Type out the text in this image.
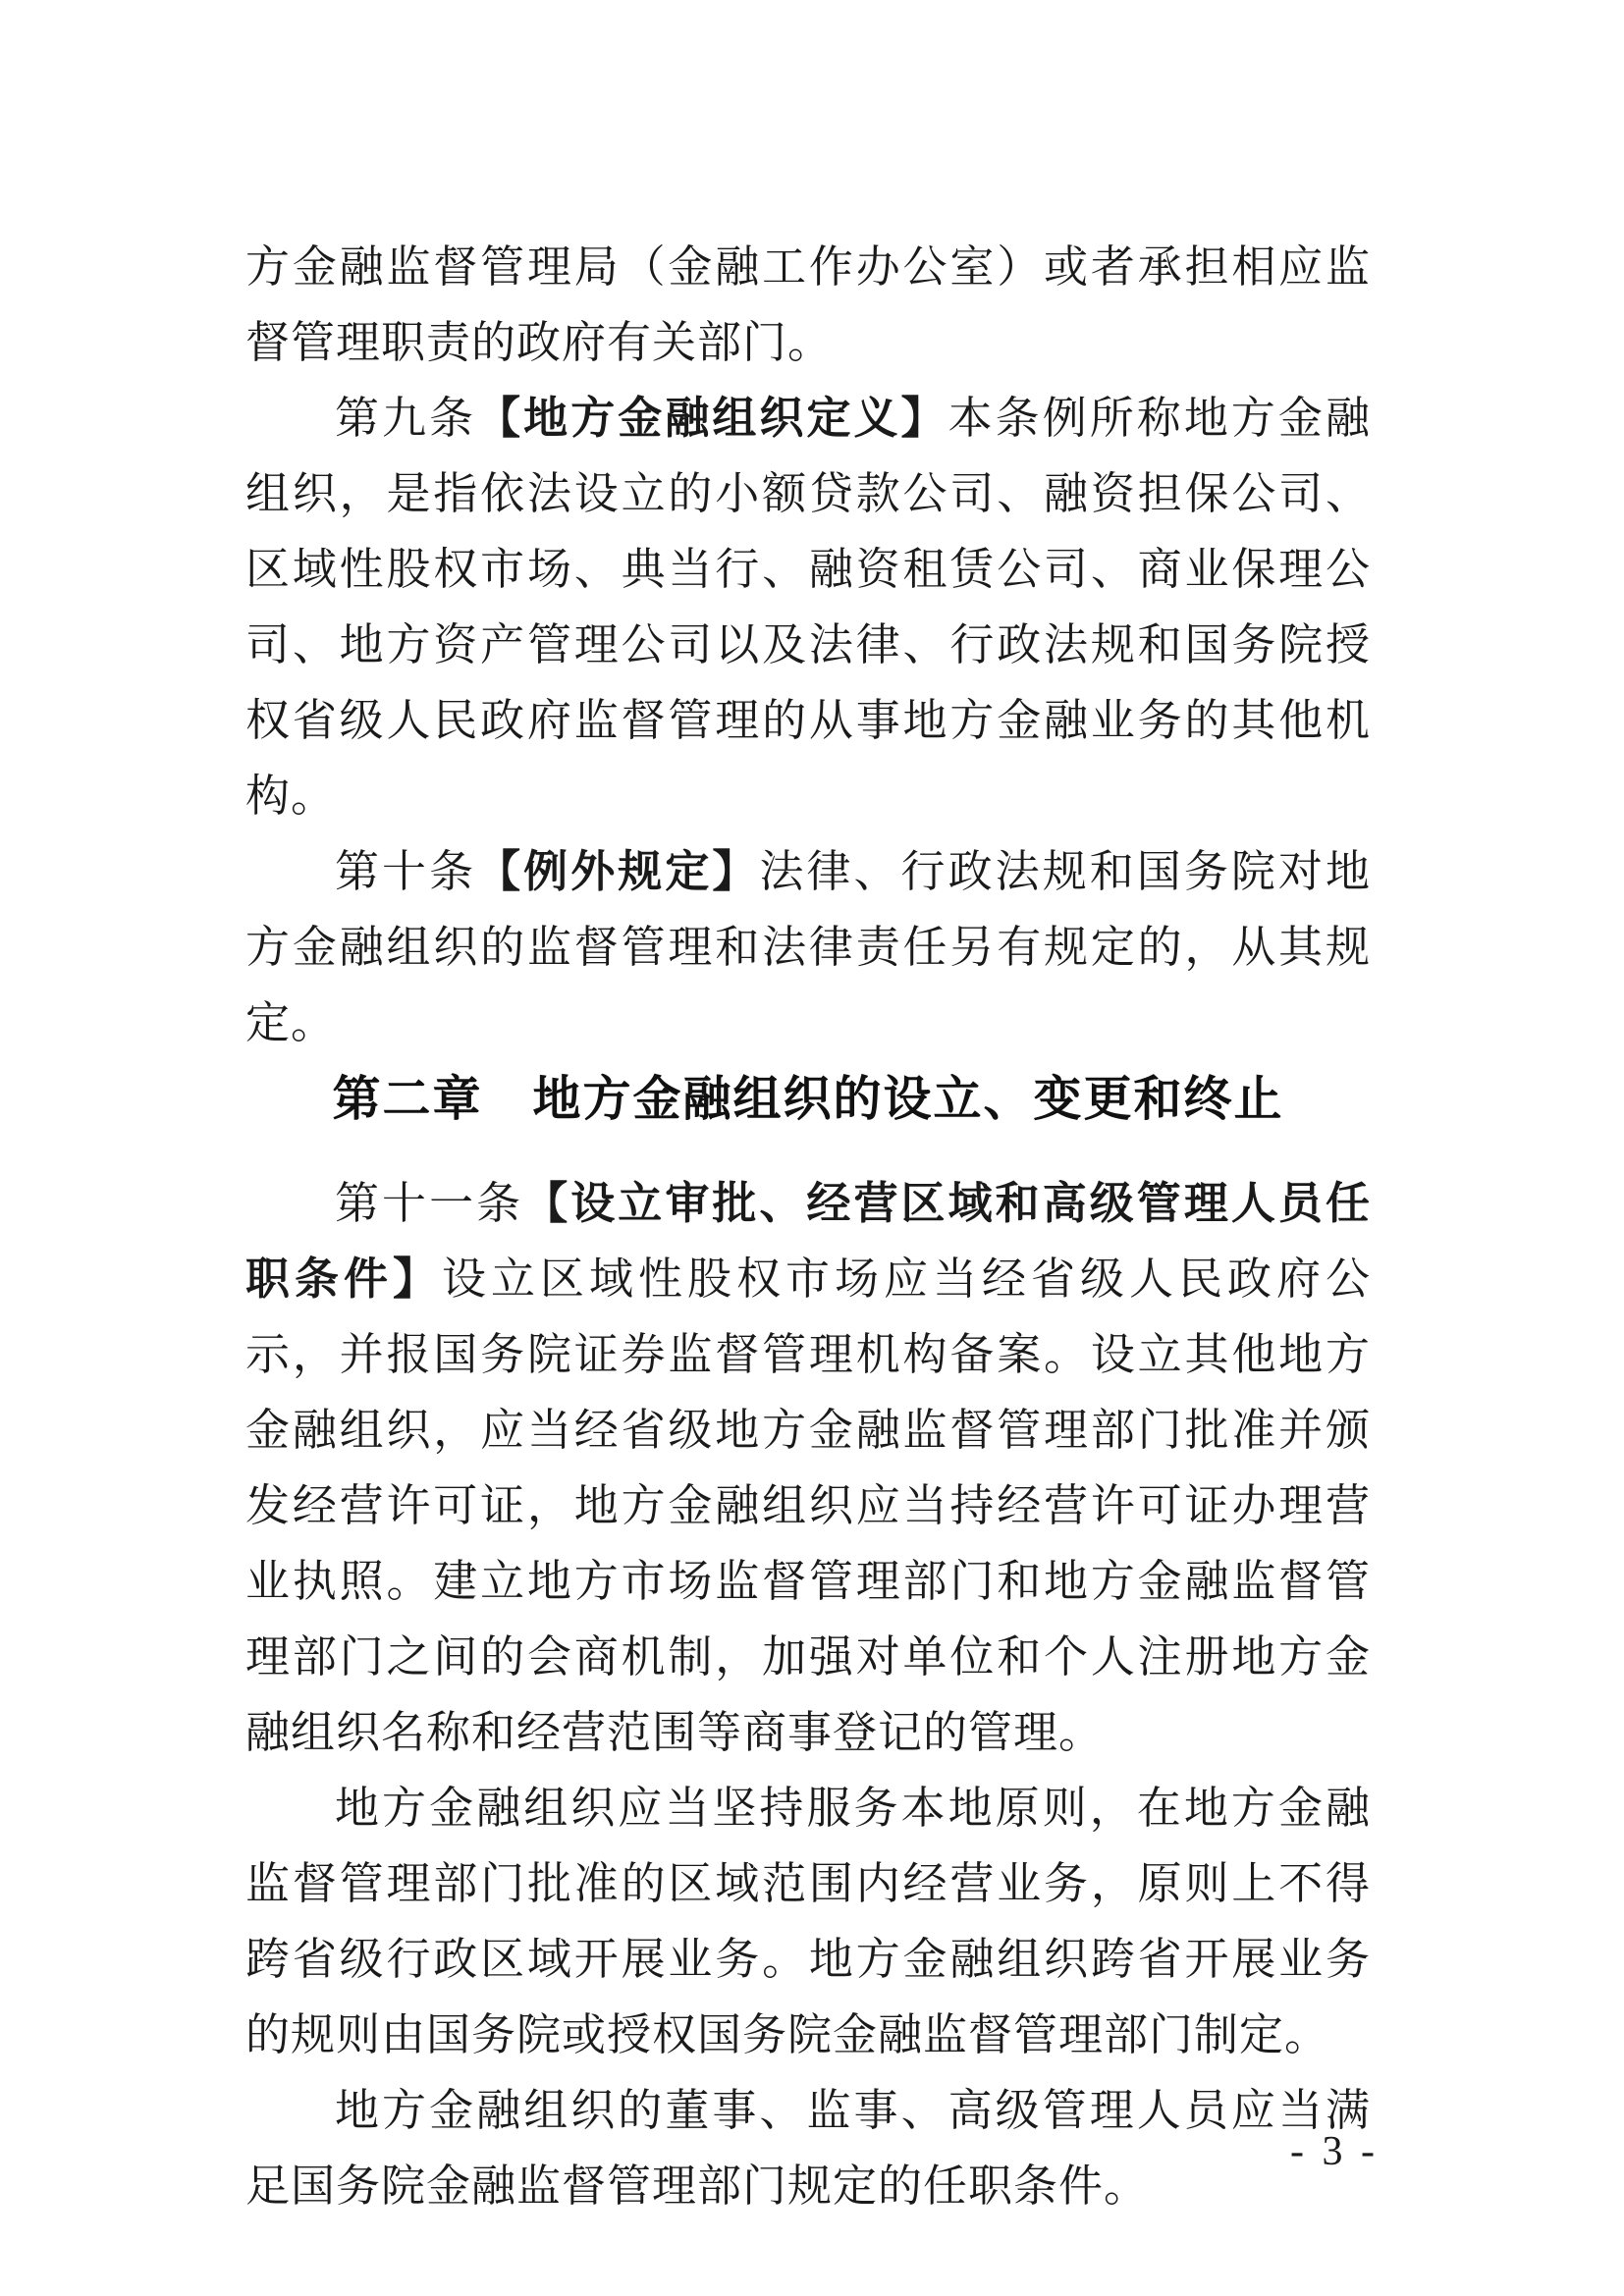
方金融监督管理局（金融工作办公室）或者承担相应监督管理职责的政府有关部门。

第九条【地方金融组织定义】本条例所称地方金融组织，是指依法设立的小额贷款公司、融资担保公司、区域性股权市场、典当行、融资租赁公司、商业保理公司、地方资产管理公司以及法律、行政法规和国务院授权省级人民政府监督管理的从事地方金融业务的其他机构。

第十条【例外规定】法律、行政法规和国务院对地方金融组织的监督管理和法律责任另有规定的，从其规定。

第二章　地方金融组织的设立、变更和终止

第十一条【设立审批、经营区域和高级管理人员任职条件】设立区域性股权市场应当经省级人民政府公示，并报国务院证券监督管理机构备案。设立其他地方金融组织，应当经省级地方金融监督管理部门批准并颁发经营许可证，地方金融组织应当持经营许可证办理营业执照。建立地方市场监督管理部门和地方金融监督管理部门之间的会商机制，加强对单位和个人注册地方金融组织名称和经营范围等商事登记的管理。

地方金融组织应当坚持服务本地原则，在地方金融监督管理部门批准的区域范围内经营业务，原则上不得跨省级行政区域开展业务。地方金融组织跨省开展业务的规则由国务院或授权国务院金融监督管理部门制定。

地方金融组织的董事、监事、高级管理人员应当满足国务院金融监督管理部门规定的任职条件。

- 3 -
